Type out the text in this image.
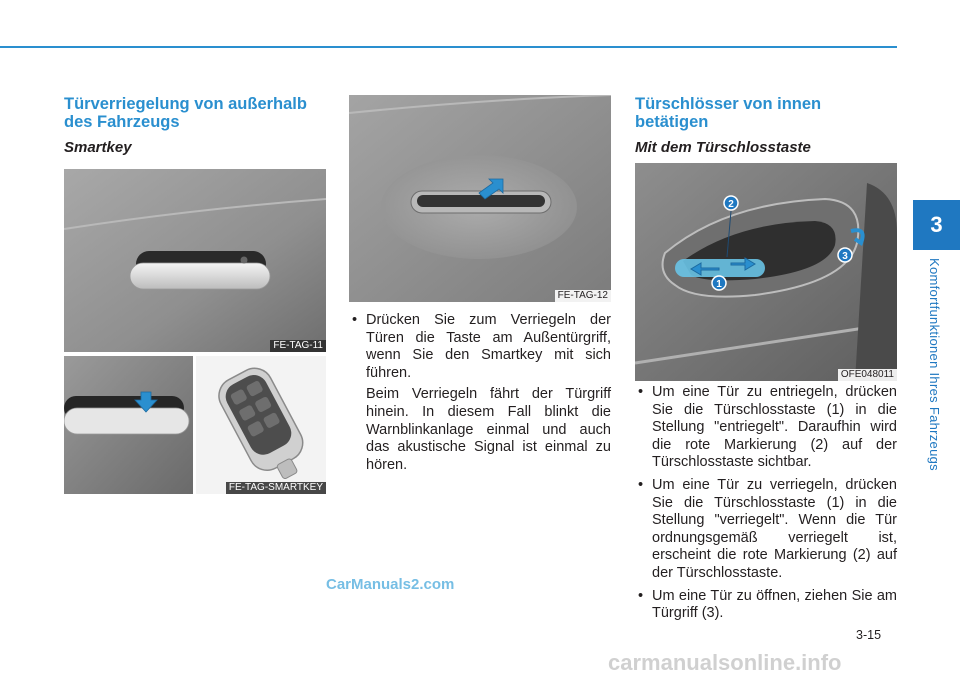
3
Komfortfunktionen Ihres Fahrzeugs
Türverriegelung von außerhalb des Fahrzeugs
Smartkey
FE-TAG-11
FE-TAG-SMARTKEY
FE-TAG-12
• Drücken Sie zum Verriegeln der Türen die Taste am Außentürgriff, wenn Sie den Smartkey mit sich führen.

Beim Verriegeln fährt der Türgriff hinein. In diesem Fall blinkt die Warnblinkanlage einmal und auch das akustische Signal ist einmal zu hören.

Türschlösser von innen betätigen
Mit dem Türschlosstaste
2
1
3
OFE048011
• Um eine Tür zu entriegeln, drücken Sie die Türschlosstaste (1) in die Stellung "entriegelt". Daraufhin wird die rote Markierung (2) auf der Türschlosstaste sichtbar.
• Um eine Tür zu verriegeln, drücken Sie die Türschlosstaste (1) in die Stellung "verriegelt". Wenn die Tür ordnungsgemäß verriegelt ist, erscheint die rote Markierung (2) auf der Türschlosstaste.
• Um eine Tür zu öffnen, ziehen Sie am Türgriff (3).
3-15
CarManuals2.com
carmanualsonline.info
